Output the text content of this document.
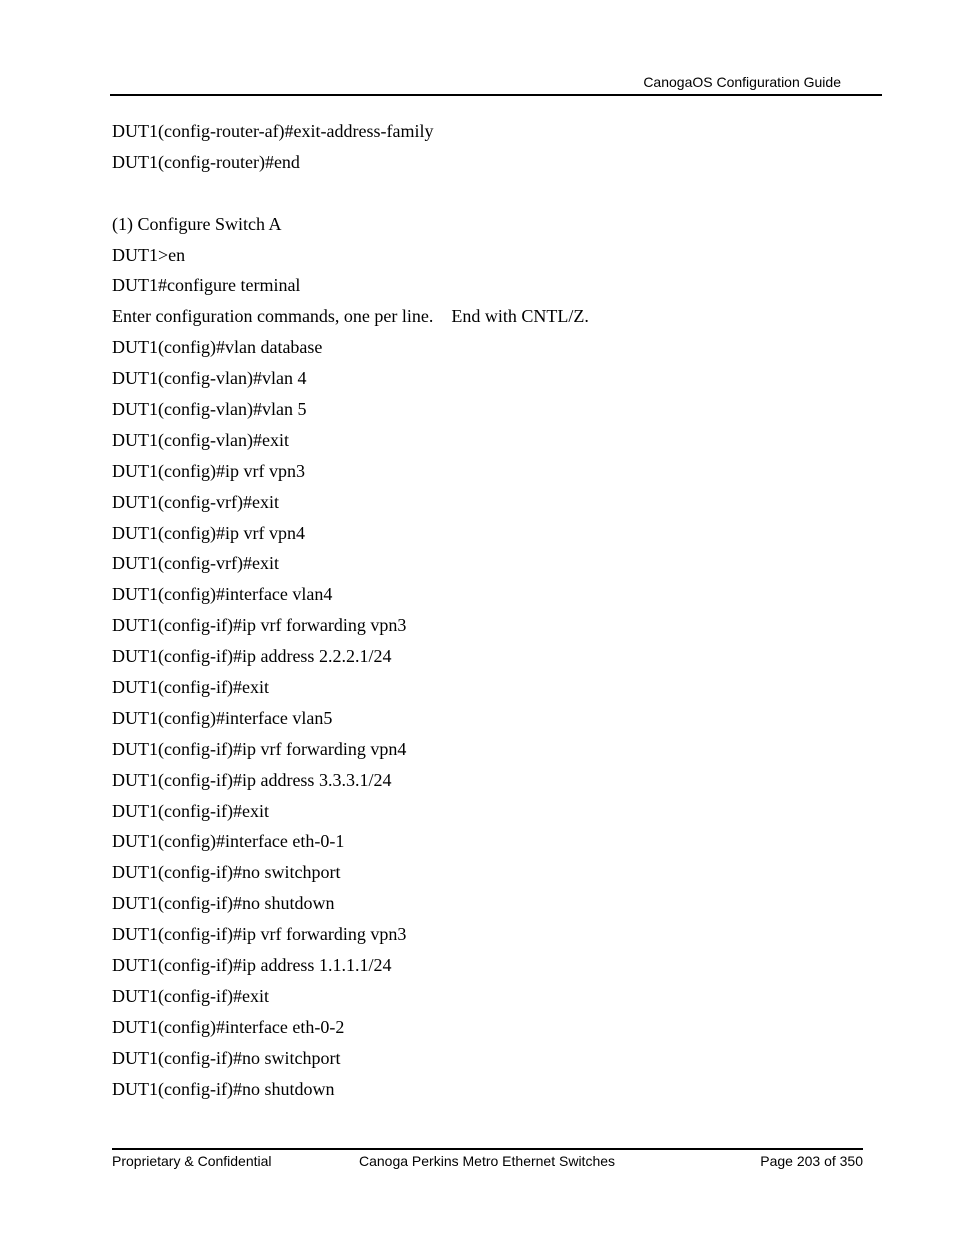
CanogaOS Configuration Guide
DUT1(config-router-af)#exit-address-family
DUT1(config-router)#end
(1) Configure Switch A
DUT1>en
DUT1#configure terminal
Enter configuration commands, one per line.    End with CNTL/Z.
DUT1(config)#vlan database
DUT1(config-vlan)#vlan 4
DUT1(config-vlan)#vlan 5
DUT1(config-vlan)#exit
DUT1(config)#ip vrf vpn3
DUT1(config-vrf)#exit
DUT1(config)#ip vrf vpn4
DUT1(config-vrf)#exit
DUT1(config)#interface vlan4
DUT1(config-if)#ip vrf forwarding vpn3
DUT1(config-if)#ip address 2.2.2.1/24
DUT1(config-if)#exit
DUT1(config)#interface vlan5
DUT1(config-if)#ip vrf forwarding vpn4
DUT1(config-if)#ip address 3.3.3.1/24
DUT1(config-if)#exit
DUT1(config)#interface eth-0-1
DUT1(config-if)#no switchport
DUT1(config-if)#no shutdown
DUT1(config-if)#ip vrf forwarding vpn3
DUT1(config-if)#ip address 1.1.1.1/24
DUT1(config-if)#exit
DUT1(config)#interface eth-0-2
DUT1(config-if)#no switchport
DUT1(config-if)#no shutdown
Proprietary & Confidential	Canoga Perkins Metro Ethernet Switches	Page 203 of 350
